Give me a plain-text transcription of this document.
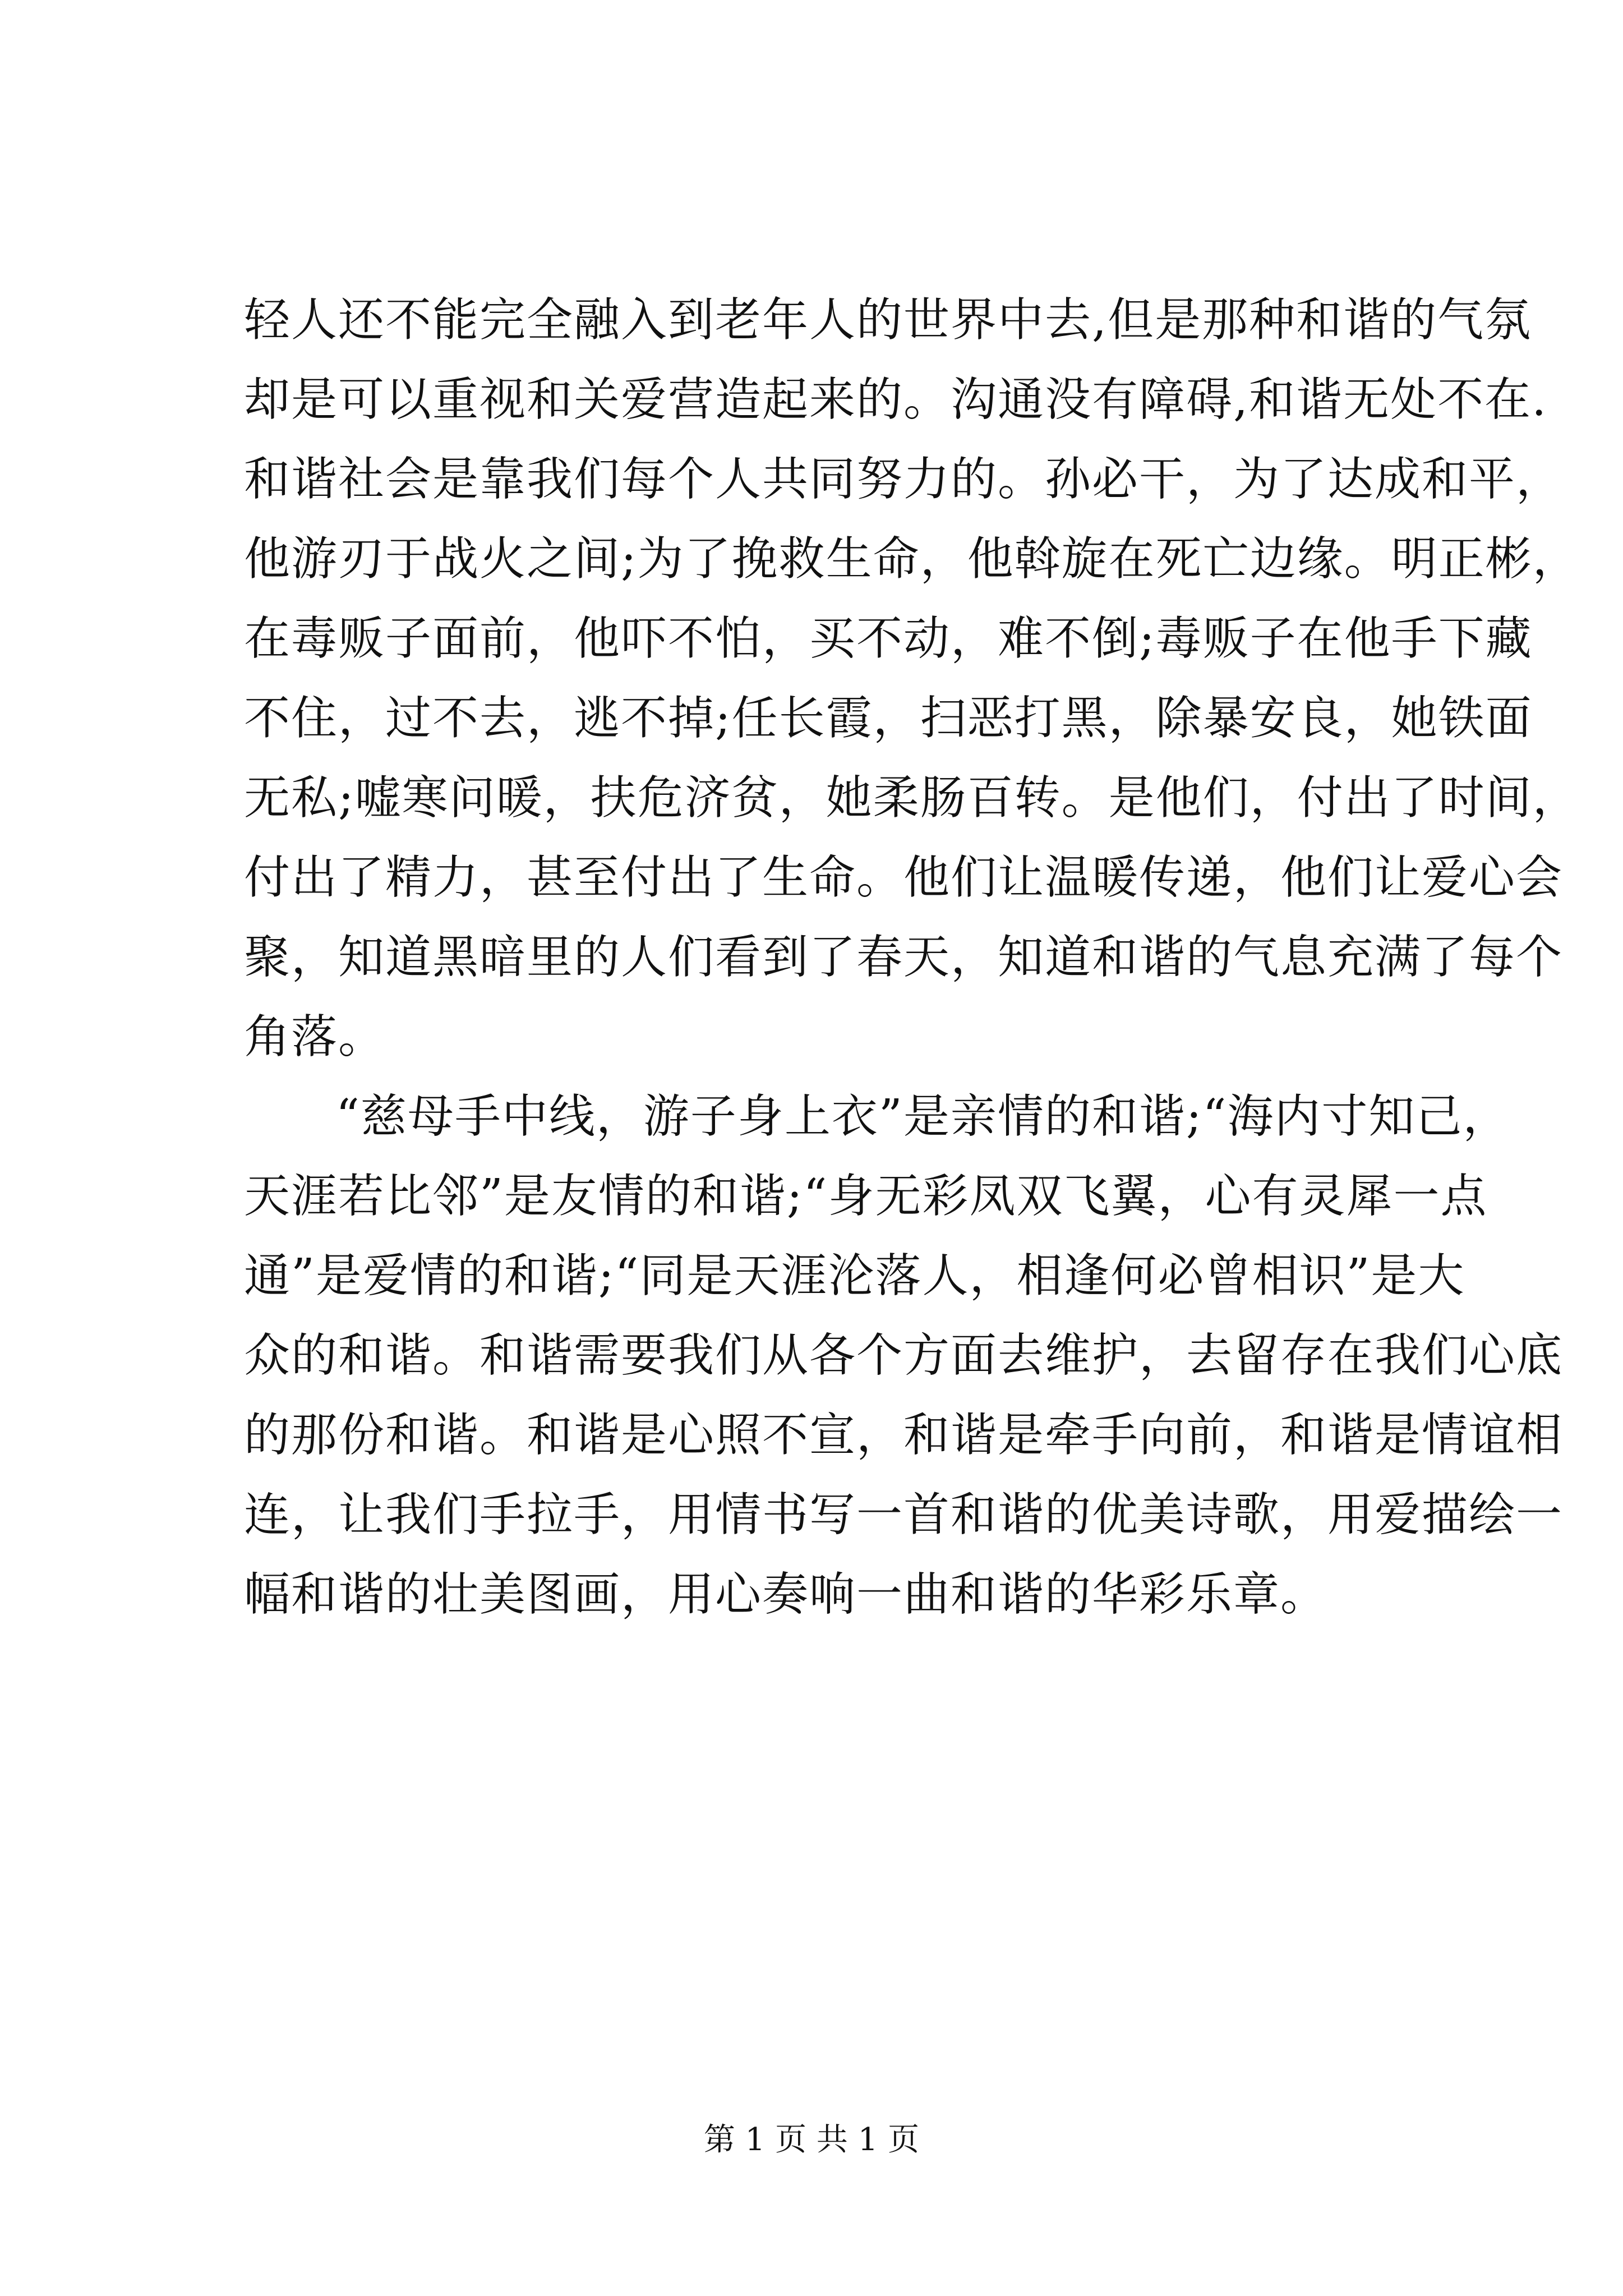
轻人还不能完全融入到老年人的世界中去,但是那种和谐的气氛
却是可以重视和关爱营造起来的。沟通没有障碍,和谐无处不在.
和谐社会是靠我们每个人共同努力的。孙必干，为了达成和平，
他游刃于战火之间;为了挽救生命，他斡旋在死亡边缘。明正彬，
在毒贩子面前，他吓不怕，买不动，难不倒;毒贩子在他手下藏
不住，过不去，逃不掉;任长霞，扫恶打黑，除暴安良，她铁面
无私;嘘寒问暖，扶危济贫，她柔肠百转。是他们，付出了时间，
付出了精力，甚至付出了生命。他们让温暖传递，他们让爱心会
聚，知道黑暗里的人们看到了春天，知道和谐的气息充满了每个
角落。
“慈母手中线，游子身上衣”是亲情的和谐;“海内寸知己，
天涯若比邻”是友情的和谐;“身无彩凤双飞翼，心有灵犀一点
通”是爱情的和谐;“同是天涯沦落人，相逢何必曾相识”是大
众的和谐。和谐需要我们从各个方面去维护，去留存在我们心底
的那份和谐。和谐是心照不宣，和谐是牵手向前，和谐是情谊相
连，让我们手拉手，用情书写一首和谐的优美诗歌，用爱描绘一
幅和谐的壮美图画，用心奏响一曲和谐的华彩乐章。
第 1 页 共 1 页
